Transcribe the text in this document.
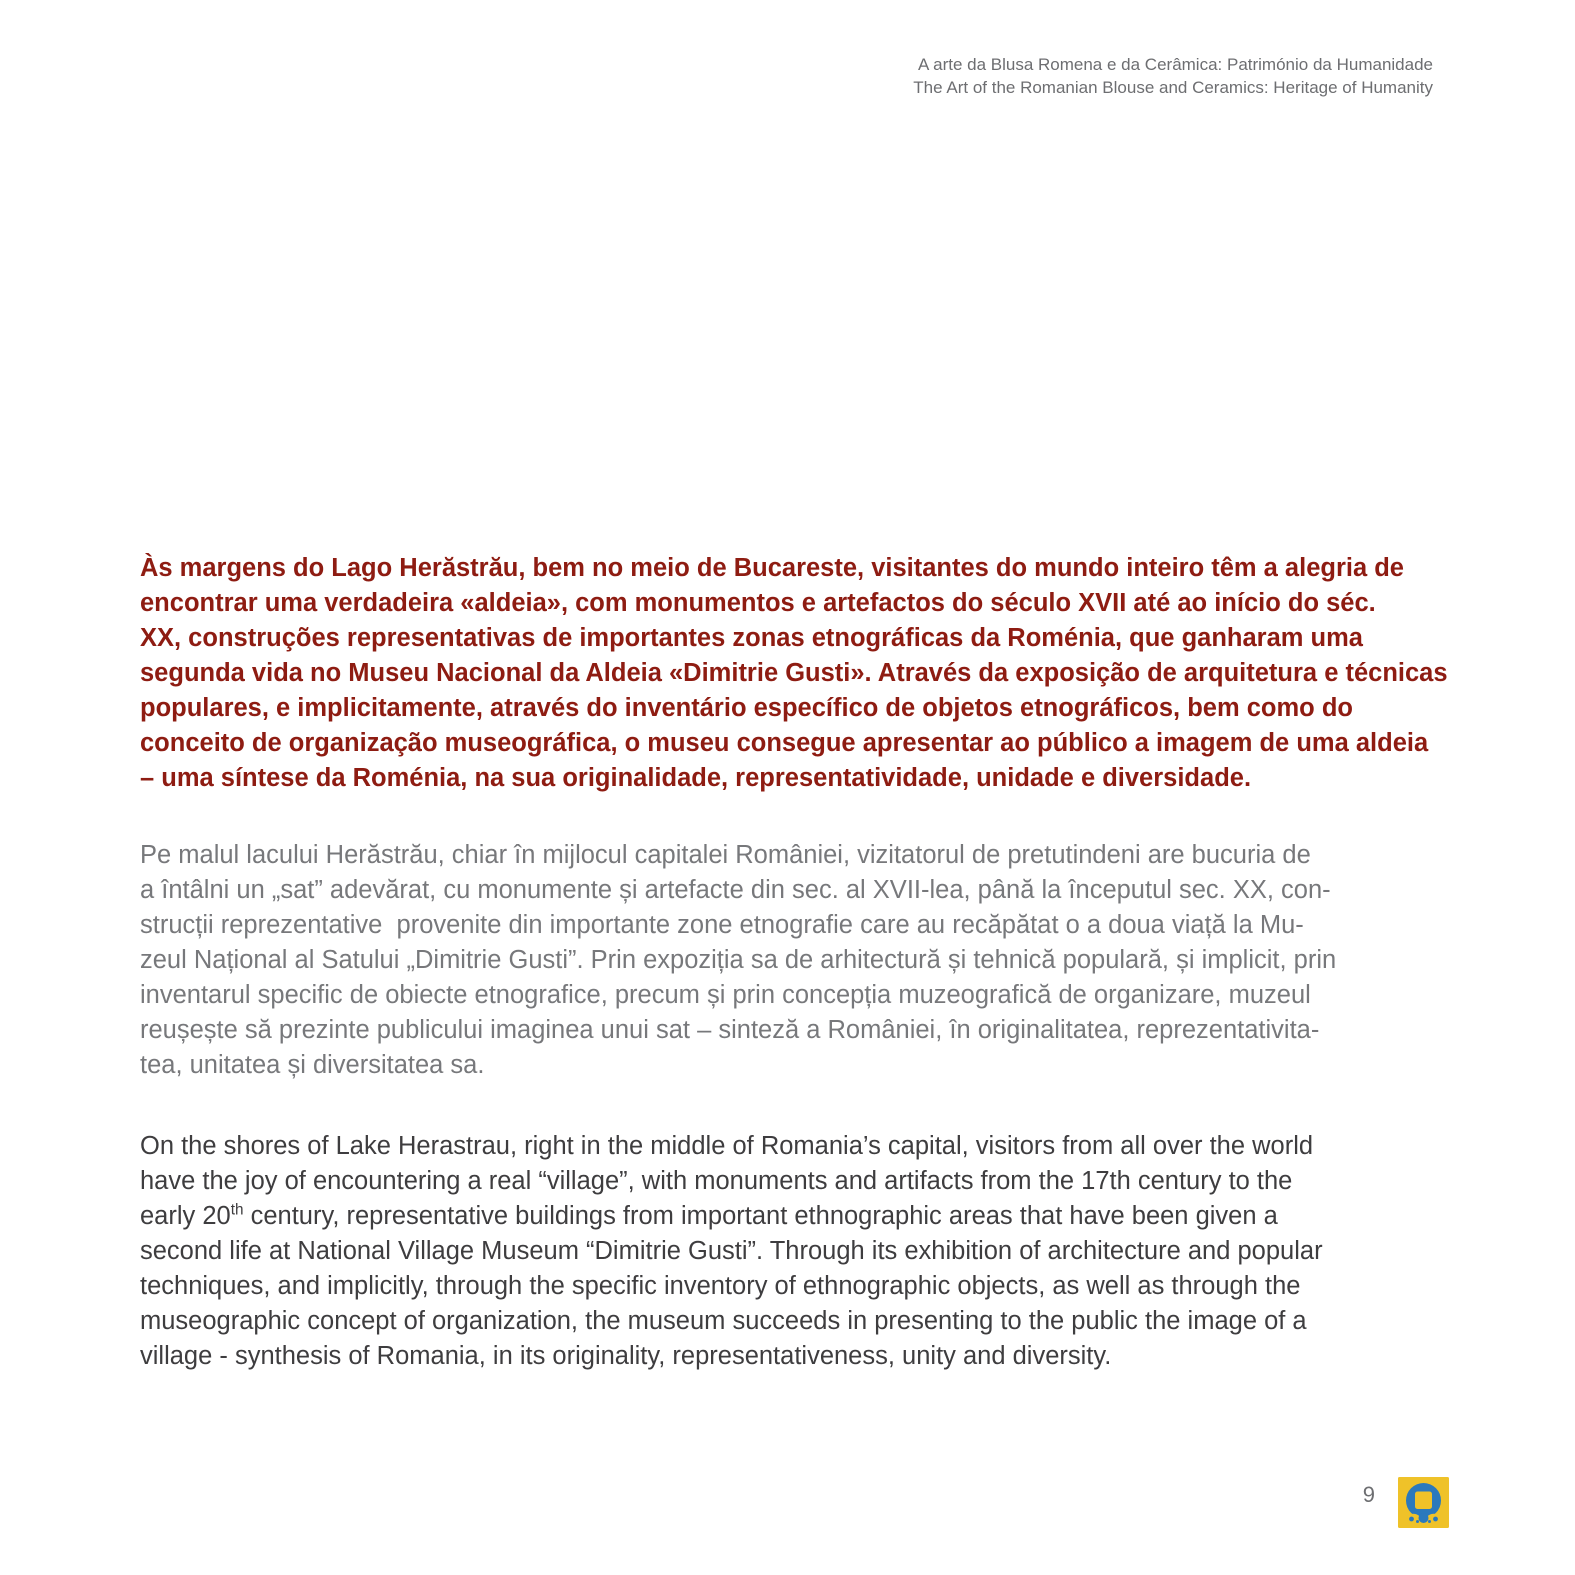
A arte da Blusa Romena e da Cerâmica: Património da Humanidade
The Art of the Romanian Blouse and Ceramics: Heritage of Humanity
Às margens do Lago Herăstrău, bem no meio de Bucareste, visitantes do mundo inteiro têm a alegria de
encontrar uma verdadeira «aldeia», com monumentos e artefactos do século XVII até ao início do séc.
XX, construções representativas de importantes zonas etnográficas da Roménia, que ganharam uma
segunda vida no Museu Nacional da Aldeia «Dimitrie Gusti». Através da exposição de arquitetura e técnicas
populares, e implicitamente, através do inventário específico de objetos etnográficos, bem como do
conceito de organização museográfica, o museu consegue apresentar ao público a imagem de uma aldeia
– uma síntese da Roménia, na sua originalidade, representatividade, unidade e diversidade.
Pe malul lacului Herăstrău, chiar în mijlocul capitalei României, vizitatorul de pretutindeni are bucuria de
a întâlni un „sat” adevărat, cu monumente și artefacte din sec. al XVII-lea, până la începutul sec. XX, con-
strucții reprezentative  provenite din importante zone etnografie care au recăpătat o a doua viață la Mu-
zeul Național al Satului „Dimitrie Gusti”. Prin expoziția sa de arhitectură și tehnică populară, și implicit, prin
inventarul specific de obiecte etnografice, precum și prin concepția muzeografică de organizare, muzeul
reușește să prezinte publicului imaginea unui sat – sinteză a României, în originalitatea, reprezentativita-
tea, unitatea și diversitatea sa.
On the shores of Lake Herastrau, right in the middle of Romania’s capital, visitors from all over the world
have the joy of encountering a real “village”, with monuments and artifacts from the 17th century to the
early 20th century, representative buildings from important ethnographic areas that have been given a
second life at National Village Museum “Dimitrie Gusti”. Through its exhibition of architecture and popular
techniques, and implicitly, through the specific inventory of ethnographic objects, as well as through the
museographic concept of organization, the museum succeeds in presenting to the public the image of a
village - synthesis of Romania, in its originality, representativeness, unity and diversity.
9
